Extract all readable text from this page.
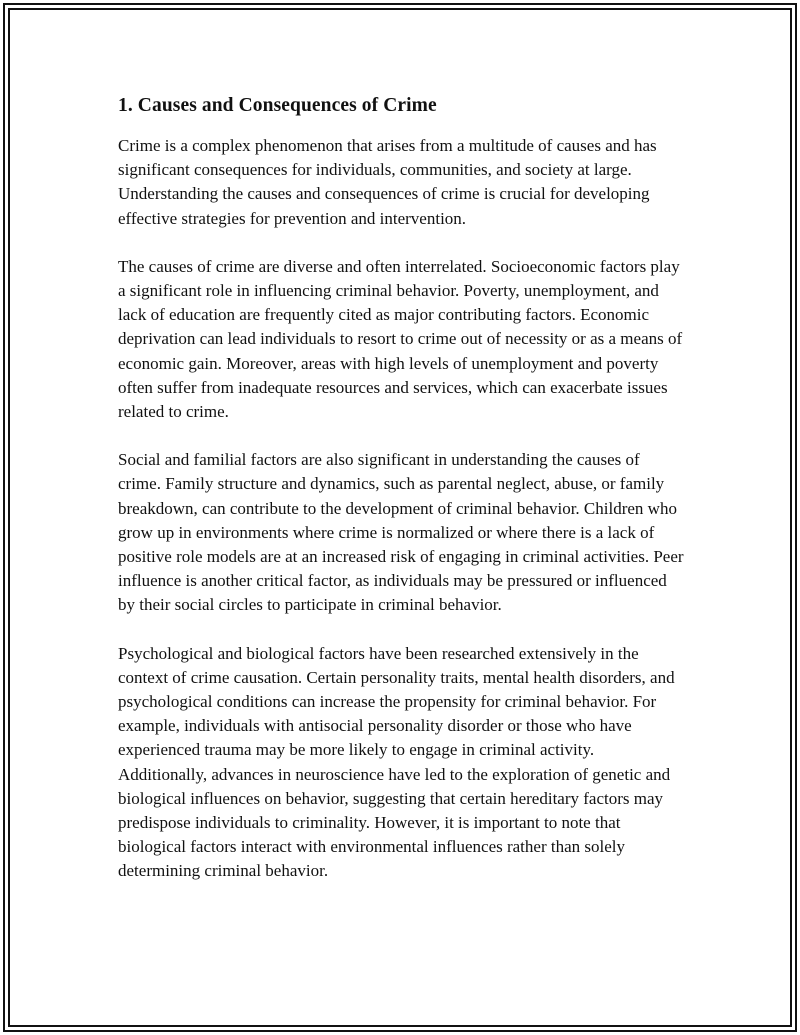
1. Causes and Consequences of Crime

Crime is a complex phenomenon that arises from a multitude of causes and has significant consequences for individuals, communities, and society at large. Understanding the causes and consequences of crime is crucial for developing effective strategies for prevention and intervention.

The causes of crime are diverse and often interrelated. Socioeconomic factors play a significant role in influencing criminal behavior. Poverty, unemployment, and lack of education are frequently cited as major contributing factors. Economic deprivation can lead individuals to resort to crime out of necessity or as a means of economic gain. Moreover, areas with high levels of unemployment and poverty often suffer from inadequate resources and services, which can exacerbate issues related to crime.

Social and familial factors are also significant in understanding the causes of crime. Family structure and dynamics, such as parental neglect, abuse, or family breakdown, can contribute to the development of criminal behavior. Children who grow up in environments where crime is normalized or where there is a lack of positive role models are at an increased risk of engaging in criminal activities. Peer influence is another critical factor, as individuals may be pressured or influenced by their social circles to participate in criminal behavior.

Psychological and biological factors have been researched extensively in the context of crime causation. Certain personality traits, mental health disorders, and psychological conditions can increase the propensity for criminal behavior. For example, individuals with antisocial personality disorder or those who have experienced trauma may be more likely to engage in criminal activity. Additionally, advances in neuroscience have led to the exploration of genetic and biological influences on behavior, suggesting that certain hereditary factors may predispose individuals to criminality. However, it is important to note that biological factors interact with environmental influences rather than solely determining criminal behavior.
